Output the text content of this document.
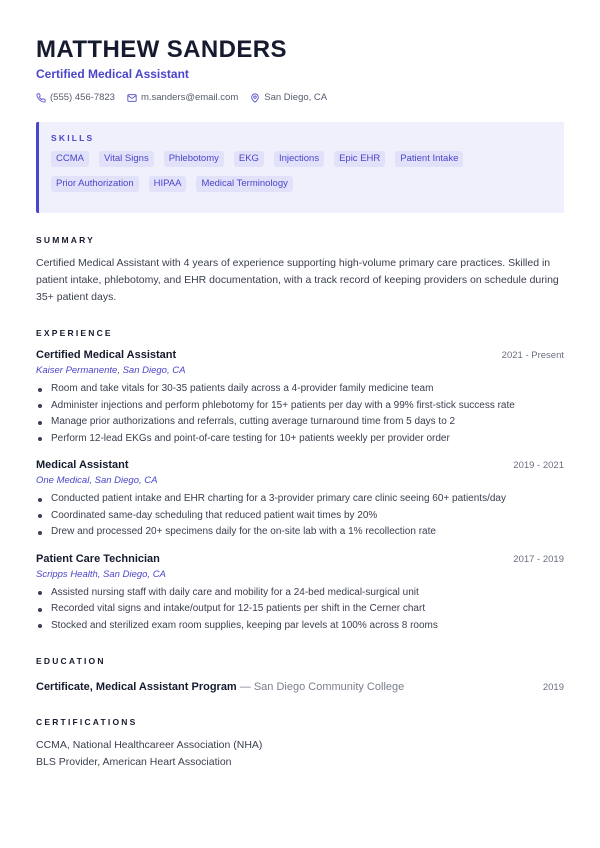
MATTHEW SANDERS
Certified Medical Assistant
(555) 456-7823	m.sanders@email.com	San Diego, CA
SKILLS
CCMA	Vital Signs	Phlebotomy	EKG	Injections	Epic EHR	Patient Intake
Prior Authorization	HIPAA	Medical Terminology
SUMMARY

Certified Medical Assistant with 4 years of experience supporting high-volume primary care practices. Skilled in patient intake, phlebotomy, and EHR documentation, with a track record of keeping providers on schedule during 35+ patient days.

EXPERIENCE
Certified Medical Assistant	2021 - Present
Kaiser Permanente, San Diego, CA
Room and take vitals for 30-35 patients daily across a 4-provider family medicine team
Administer injections and perform phlebotomy for 15+ patients per day with a 99% first-stick success rate
Manage prior authorizations and referrals, cutting average turnaround time from 5 days to 2
Perform 12-lead EKGs and point-of-care testing for 10+ patients weekly per provider order
Medical Assistant	2019 - 2021
One Medical, San Diego, CA
Conducted patient intake and EHR charting for a 3-provider primary care clinic seeing 60+ patients/day
Coordinated same-day scheduling that reduced patient wait times by 20%
Drew and processed 20+ specimens daily for the on-site lab with a 1% recollection rate
Patient Care Technician	2017 - 2019
Scripps Health, San Diego, CA
Assisted nursing staff with daily care and mobility for a 24-bed medical-surgical unit
Recorded vital signs and intake/output for 12-15 patients per shift in the Cerner chart
Stocked and sterilized exam room supplies, keeping par levels at 100% across 8 rooms
EDUCATION
Certificate, Medical Assistant Program — San Diego Community College	2019
CERTIFICATIONS
CCMA, National Healthcareer Association (NHA)
BLS Provider, American Heart Association
